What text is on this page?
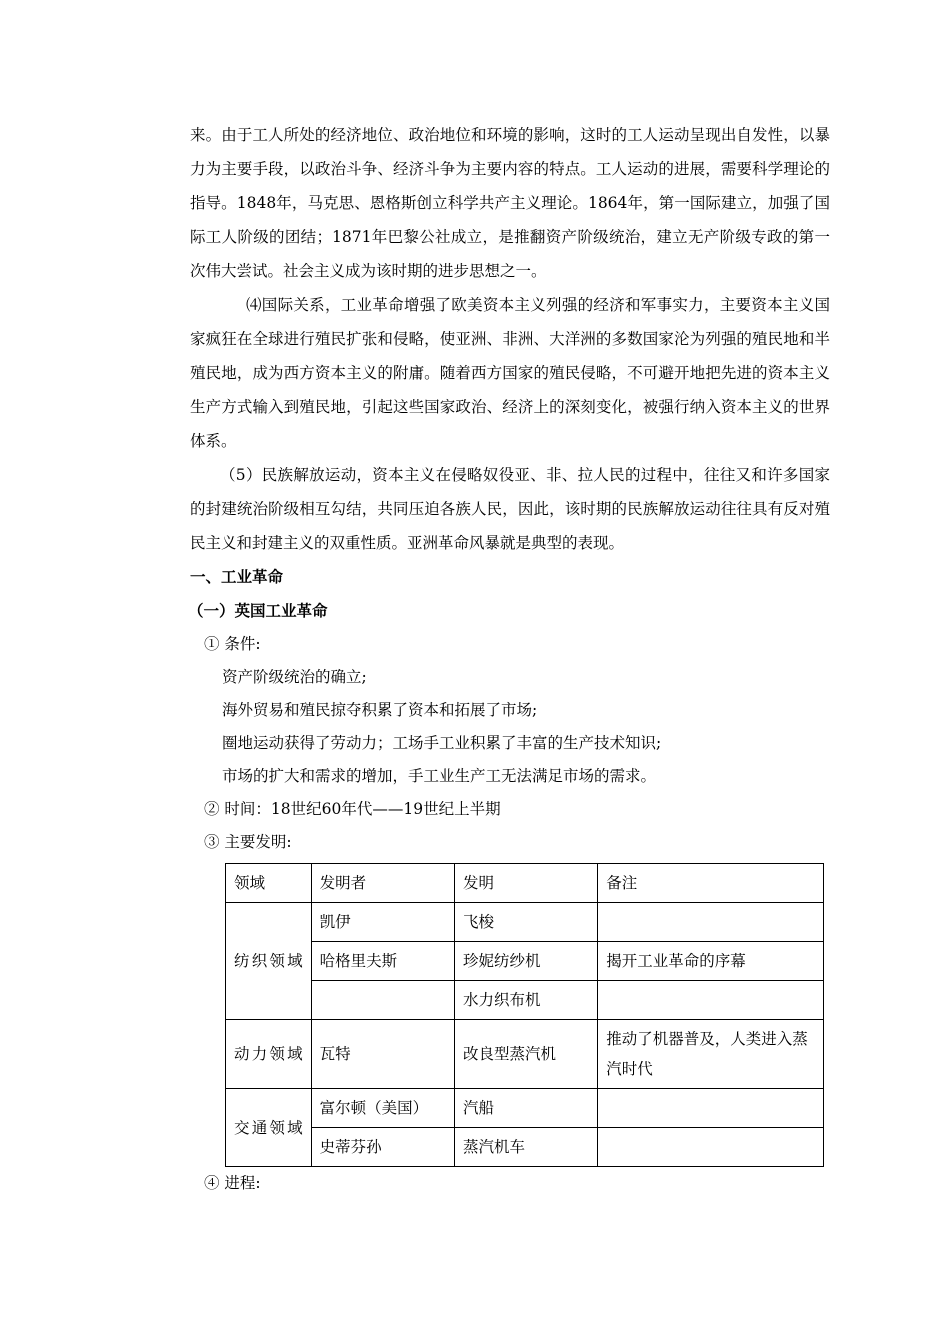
来。由于工人所处的经济地位、政治地位和环境的影响，这时的工人运动呈现出自发性，以暴力为主要手段，以政治斗争、经济斗争为主要内容的特点。工人运动的进展，需要科学理论的指导。1848年，马克思、恩格斯创立科学共产主义理论。1864年，第一国际建立，加强了国际工人阶级的团结；1871年巴黎公社成立，是推翻资产阶级统治，建立无产阶级专政的第一次伟大尝试。社会主义成为该时期的进步思想之一。

⑷国际关系，工业革命增强了欧美资本主义列强的经济和军事实力，主要资本主义国家疯狂在全球进行殖民扩张和侵略，使亚洲、非洲、大洋洲的多数国家沦为列强的殖民地和半殖民地，成为西方资本主义的附庸。随着西方国家的殖民侵略，不可避开地把先进的资本主义生产方式输入到殖民地，引起这些国家政治、经济上的深刻变化，被强行纳入资本主义的世界体系。

（5）民族解放运动，资本主义在侵略奴役亚、非、拉人民的过程中，往往又和许多国家的封建统治阶级相互勾结，共同压迫各族人民，因此，该时期的民族解放运动往往具有反对殖民主义和封建主义的双重性质。亚洲革命风暴就是典型的表现。

一、工业革命

（一）英国工业革命

① 条件:

资产阶级统治的确立;

海外贸易和殖民掠夺积累了资本和拓展了市场;

圈地运动获得了劳动力；工场手工业积累了丰富的生产技术知识;

市场的扩大和需求的增加，手工业生产工无法满足市场的需求。

② 时间：18世纪60年代——19世纪上半期

③ 主要发明:

领域	发明者	发明	备注

纺织领域	凯伊	飞梭	
	哈格里夫斯	珍妮纺纱机	揭开工业革命的序幕
		水力织布机	

动力领域	瓦特	改良型蒸汽机	推动了机器普及，人类进入蒸汽时代

交通领域	富尔顿（美国）	汽船	
	史蒂芬孙	蒸汽机车	

④ 进程:
